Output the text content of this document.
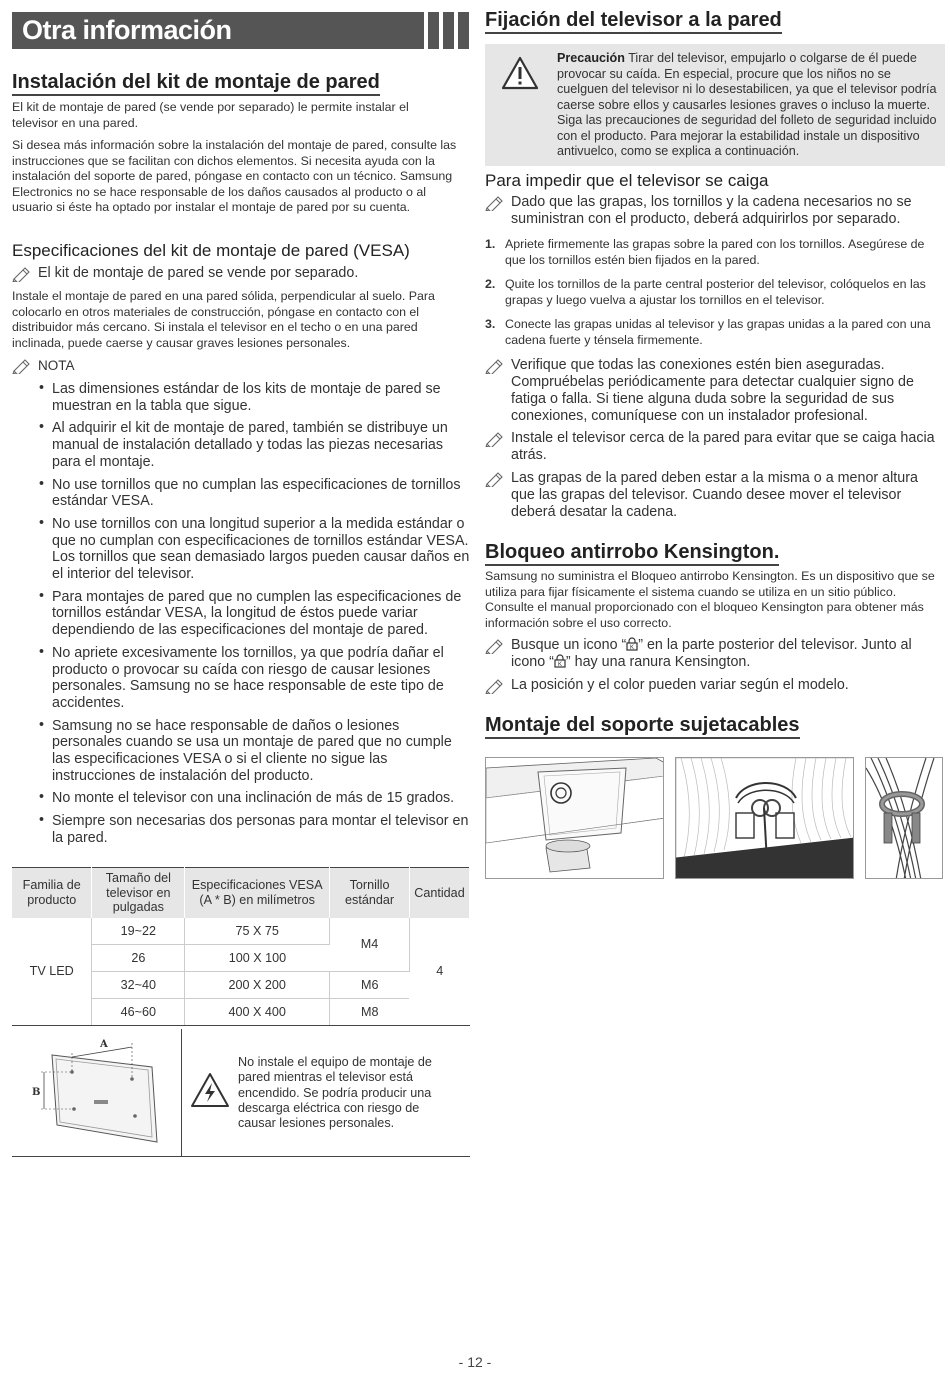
Otra información
Instalación del kit de montaje de pared

El kit de montaje de pared (se vende por separado) le permite instalar el televisor en una pared.

Si desea más información sobre la instalación del montaje de pared, consulte las instrucciones que se facilitan con dichos elementos. Si necesita ayuda con la instalación del soporte de pared, póngase en contacto con un técnico. Samsung Electronics no se hace responsable de los daños causados al producto o al usuario si éste ha optado por instalar el montaje de pared por su cuenta.

Especificaciones del kit de montaje de pared (VESA)
El kit de montaje de pared se vende por separado.

Instale el montaje de pared en una pared sólida, perpendicular al suelo. Para colocarlo en otros materiales de construcción, póngase en contacto con el distribuidor más cercano. Si instala el televisor en el techo o en una pared inclinada, puede caerse y causar graves lesiones personales.

NOTA
• Las dimensiones estándar de los kits de montaje de pared se muestran en la tabla que sigue.
• Al adquirir el kit de montaje de pared, también se distribuye un manual de instalación detallado y todas las piezas necesarias para el montaje.
• No use tornillos que no cumplan las especificaciones de tornillos estándar VESA.
• No use tornillos con una longitud superior a la medida estándar o que no cumplan con especificaciones de tornillos estándar VESA. Los tornillos que sean demasiado largos pueden causar daños en el interior del televisor.
• Para montajes de pared que no cumplen las especificaciones de tornillos estándar VESA, la longitud de éstos puede variar dependiendo de las especificaciones del montaje de pared.
• No apriete excesivamente los tornillos, ya que podría dañar el producto o provocar su caída con riesgo de causar lesiones personales. Samsung no se hace responsable de este tipo de accidentes.
• Samsung no se hace responsable de daños o lesiones personales cuando se usa un montaje de pared que no cumple las especificaciones VESA o si el cliente no sigue las instrucciones de instalación del producto.
• No monte el televisor con una inclinación de más de 15 grados.
• Siempre son necesarias dos personas para montar el televisor en la pared.
Familia de producto	Tamaño del televisor en pulgadas	Especificaciones VESA (A * B) en milímetros	Tornillo estándar	Cantidad
TV LED	19~22	75 X 75	M4	4
	26	100 X 100		
	32~40	200 X 200	M6	
	46~60	400 X 400	M8	
A
B

No instale el equipo de montaje de pared mientras el televisor está encendido. Se podría producir una descarga eléctrica con riesgo de causar lesiones personales.

Fijación del televisor a la pared

Precaución Tirar del televisor, empujarlo o colgarse de él puede provocar su caída. En especial, procure que los niños no se cuelguen del televisor ni lo desestabilicen, ya que el televisor podría caerse sobre ellos y causarles lesiones graves o incluso la muerte. Siga las precauciones de seguridad del folleto de seguridad incluido con el producto. Para mejorar la estabilidad instale un dispositivo antivuelco, como se explica a continuación.

Para impedir que el televisor se caiga
Dado que las grapas, los tornillos y la cadena necesarios no se suministran con el producto, deberá adquirirlos por separado.
1. Apriete firmemente las grapas sobre la pared con los tornillos. Asegúrese de que los tornillos estén bien fijados en la pared.
2. Quite los tornillos de la parte central posterior del televisor, colóquelos en las grapas y luego vuelva a ajustar los tornillos en el televisor.
3. Conecte las grapas unidas al televisor y las grapas unidas a la pared con una cadena fuerte y ténsela firmemente.
Verifique que todas las conexiones estén bien aseguradas. Compruébelas periódicamente para detectar cualquier signo de fatiga o falla. Si tiene alguna duda sobre la seguridad de sus conexiones, comuníquese con un instalador profesional.
Instale el televisor cerca de la pared para evitar que se caiga hacia atrás.
Las grapas de la pared deben estar a la misma o a menor altura que las grapas del televisor. Cuando desee mover el televisor deberá desatar la cadena.
Bloqueo antirrobo Kensington.

Samsung no suministra el Bloqueo antirrobo Kensington. Es un dispositivo que se utiliza para fijar físicamente el sistema cuando se utiliza en un sitio público. Consulte el manual proporcionado con el bloqueo Kensington para obtener más información sobre el uso correcto.

Busque un icono “ ” en la parte posterior del televisor. Junto al icono “ ” hay una ranura Kensington.
La posición y el color pueden variar según el modelo.
Montaje del soporte sujetacables
- 12 -
